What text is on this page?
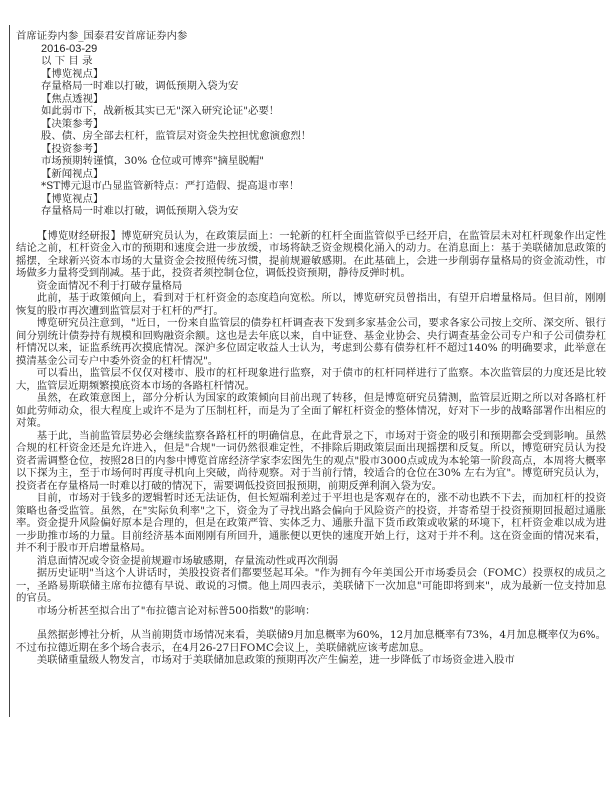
首席证券内参_国泰君安首席证券内参
2016-03-29
以 下 目 录
【博览视点】
存量格局一时难以打破，调低预期入袋为安
【焦点透视】
如此弱市下，战新板其实已无"深入研究论证"必要！
【决策参考】
股、债、房全部去杠杆，监管层对资金失控担忧愈演愈烈！
【投资参考】
市场预期转谨慎，30% 仓位或可博弈"摘星脱帽"
【新闻视点】
*ST博元退市凸显监管新特点：严打造假、提高退市率！
【博览视点】
存量格局一时难以打破，调低预期入袋为安

【博览财经研报】博览研究员认为，在政策层面上：一轮新的杠杆全面监管似乎已经开启，在监管层未对杠杆现象作出定性结论之前，杠杆资金入市的预期和速度会进一步放缓，市场将缺乏资金规模化涌入的动力。在消息面上：基于美联储加息政策的摇摆，全球新兴资本市场的大量资金会按照传统习惯，提前规避敏感期。在此基础上，会进一步削弱存量格局的资金流动性，市场做多力量将受到削减。基于此，投资者须控制仓位，调低投资预期，静待反弹时机。

资金面情况不利于打破存量格局

此前，基于政策倾向上，看到对于杠杆资金的态度趋向宽松。所以，博览研究员曾指出，有望开启增量格局。但目前，刚刚恢复的股市再次遭到监管层对于杠杆的严打。

博览研究员注意到，"近日，一份来自监管层的债券杠杆调查表下发到多家基金公司，要求各家公司按上交所、深交所、银行间分别统计债券持有规模和回购融资余额。这也是去年底以来，自中证登、基金业协会、央行调查基金公司专户和子公司债券杠杆情况以来，证监系统再次摸底情况。深沪多位固定收益人士认为，考虑到公募有债券杠杆不超过140% 的明确要求，此举意在摸清基金公司专户中委外资金的杠杆情况"。

可以看出，监管层不仅仅对楼市、股市的杠杆现象进行监察，对于债市的杠杆同样进行了监察。本次监管层的力度还是比较大，监管层近期频繁摸底资本市场的各路杠杆情况。

虽然，在政策意图上，部分分析认为国家的政策倾向目前出现了转移，但是博览研究员猜测，监管层近期之所以对各路杠杆如此劳师动众，很大程度上或许不是为了压制杠杆，而是为了全面了解杠杆资金的整体情况，好对下一步的战略部署作出相应的对策。

基于此，当前监管层势必会继续监察各路杠杆的明确信息，在此背景之下，市场对于资金的吸引和预期都会受到影响。虽然合规的杠杆资金还是允许进入，但是"合规"一词仍然很难定性，不排除后期政策层面出现摇摆和反复。所以，博览研究员认为投资者需调整仓位，按照28日的内参中博览首席经济学家李宏图先生的观点"股市3000点或成为本轮第一阶段高点，本周将大概率以下探为主，至于市场何时再度寻机向上突破，尚待观察。对于当前行情，较适合的仓位在30% 左右为宜"。博览研究员认为，投资者在存量格局一时难以打破的情况下，需要调低投资回报预期，前期反弹利润入袋为安。

目前，市场对于钱多的逻辑暂时还无法证伪，但长短端利差过于平坦也是客观存在的，涨不动也跌不下去，而加杠杆的投资策略也备受监管。虽然，在"实际负利率"之下，资金为了寻找出路会偏向于风险资产的投资，并寄希望于投资预期回报超过通胀率。资金提升风险偏好原本是合理的，但是在政策严管、实体乏力、通胀升温下货币政策或收紧的环境下，杠杆资金难以成为进一步助推市场的力量。目前经济基本面刚刚有所回升，通胀便以更快的速度开始上行，这对于并不利。这在资金面的情况来看，并不利于股市开启增量格局。

消息面情况或令资金提前规避市场敏感期，存量流动性或再次削弱

据历史证明"当这个人讲话时，美股投资者们都要竖起耳朵。"作为拥有今年美国公开市场委员会（FOMC）投票权的成员之一，圣路易斯联储主席布拉德有早说、敢说的习惯。他上周四表示，美联储下一次加息"可能即将到来"，成为最新一位支持加息的官员。

市场分析甚至拟合出了"布拉德言论对标普500指数"的影响：

虽然据彭博社分析，从当前期货市场情况来看，美联储9月加息概率为60%，12月加息概率有73%，4月加息概率仅为6%。不过布拉德近期在多个场合表示，在4月26-27日FOMC会议上，美联储就应该考虑加息。

美联储重量级人物发言，市场对于美联储加息政策的预期再次产生偏差，进一步降低了市场资金进入股市
